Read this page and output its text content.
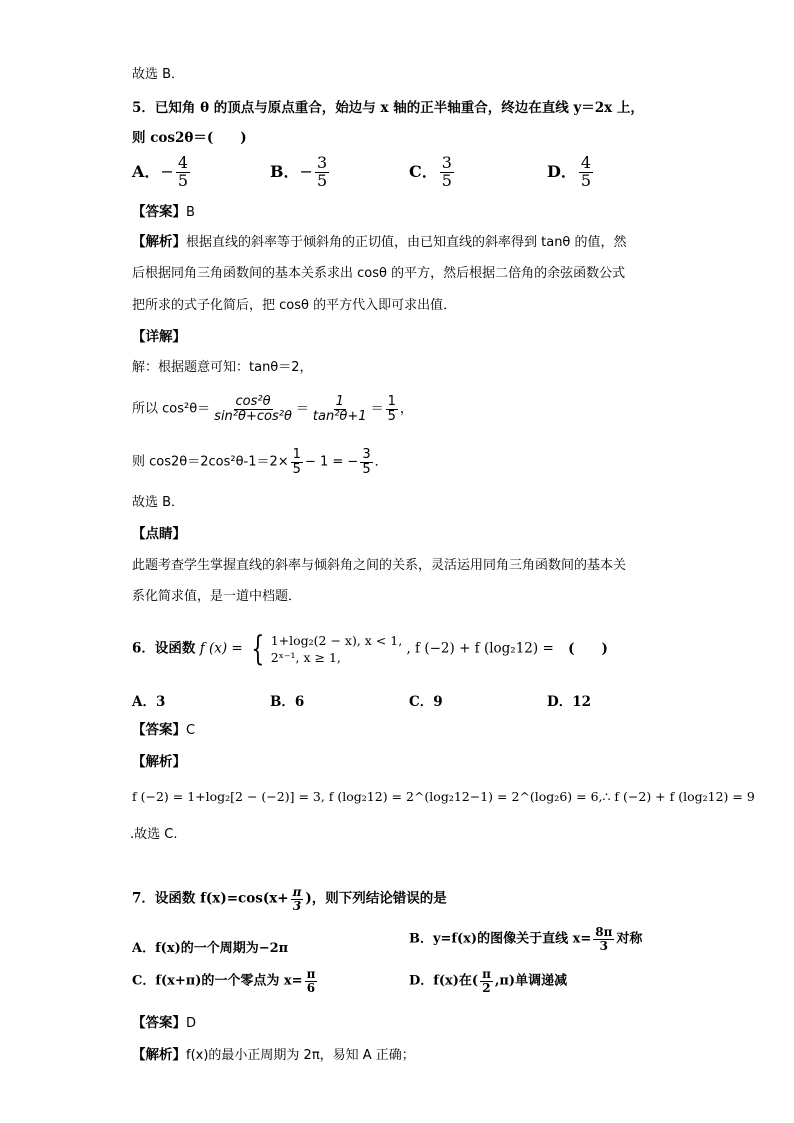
故选 B．
5．已知角 θ 的顶点与原点重合，始边与 x 轴的正半轴重合，终边在直线 y＝2x 上，
则 cos2θ＝(　　)
A．− $\frac{4}{5}$	B．− $\frac{3}{5}$	C． $\frac{3}{5}$	D． $\frac{4}{5}$
【答案】B
【解析】根据直线的斜率等于倾斜角的正切值，由已知直线的斜率得到 tanθ 的值，然
后根据同角三角函数间的基本关系求出 cosθ 的平方，然后根据二倍角的余弦函数公式
把所求的式子化简后，把 cosθ 的平方代入即可求出值．
【详解】
解：根据题意可知：tanθ＝2，
所以 $\cos^2\theta= \frac{\text{cos²θ}}{\text{sin²θ+cos²θ}} = \frac{1}{\text{tan²θ+1}} = \frac{1}{5}$ ，
则 $\cos 2\theta=2\cos^2\theta-1=2\times \frac{1}{5} - 1$ = − $\frac{3}{5}$ ．
故选 B．
【点睛】
此题考查学生掌握直线的斜率与倾斜角之间的关系，灵活运用同角三角函数间的基本关
系化简求值，是一道中档题．
6．设函数 f (x) = { 1+log₂(2 − x), x < 1,
2ˣ⁻¹, x ≥ 1,
, f (−2) + f (log₂12) = (　　)
A．3	B．6	C．9	D．12
【答案】C
【解析】
f (−2) = 1+log₂[2 − (−2)] = 3, f (log₂12) = 2^(log₂12−1) = 2^(log₂6) = 6,∴ f (−2) + f (log₂12) = 9
.故选 C.
7．设函数 $f(x)=\cos(x+ \frac{\pi}{3}$ )，则下列结论错误的是
A．f(x)的一个周期为−2π
B．y=f(x)的图像关于直线 $x= \frac{8\pi}{3}$ 对称
C．f(x+π)的一个零点为 $x= \frac{\pi}{6}$	D．f(x)在( $\frac{\pi}{2} ,\pi$)单调递减
【答案】D
【解析】f(x)的最小正周期为 2π，易知 A 正确；
